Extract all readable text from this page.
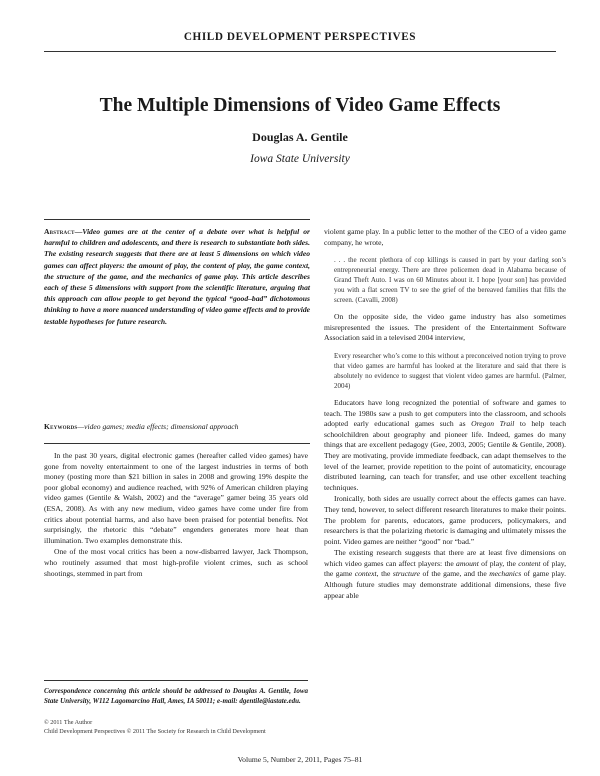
CHILD DEVELOPMENT PERSPECTIVES
The Multiple Dimensions of Video Game Effects
Douglas A. Gentile
Iowa State University
Abstract—Video games are at the center of a debate over what is helpful or harmful to children and adolescents, and there is research to substantiate both sides. The existing research suggests that there are at least 5 dimensions on which video games can affect players: the amount of play, the content of play, the game context, the structure of the game, and the mechanics of game play. This article describes each of these 5 dimensions with support from the scientific literature, arguing that this approach can allow people to get beyond the typical “good–bad” dichotomous thinking to have a more nuanced understanding of video game effects and to provide testable hypotheses for future research.
Keywords—video games; media effects; dimensional approach

In the past 30 years, digital electronic games (hereafter called video games) have gone from novelty entertainment to one of the largest industries in terms of both money (posting more than $21 billion in sales in 2008 and growing 19% despite the poor global economy) and audience reached, with 92% of American children playing video games (Gentile & Walsh, 2002) and the “average” gamer being 35 years old (ESA, 2008). As with any new medium, video games have come under fire from critics about potential harms, and also have been praised for potential benefits. Not surprisingly, the rhetoric this “debate” engenders generates more heat than illumination. Two examples demonstrate this.

One of the most vocal critics has been a now-disbarred lawyer, Jack Thompson, who routinely assumed that most high-profile violent crimes, such as school shootings, stemmed in part from

violent game play. In a public letter to the mother of the CEO of a video game company, he wrote,

. . . the recent plethora of cop killings is caused in part by your darling son’s entrepreneurial energy. There are three policemen dead in Alabama because of Grand Theft Auto. I was on 60 Minutes about it. I hope [your son] has provided you with a flat screen TV to see the grief of the bereaved families that fills the screen. (Cavalli, 2008)

On the opposite side, the video game industry has also sometimes misrepresented the issues. The president of the Entertainment Software Association said in a televised 2004 interview,

Every researcher who’s come to this without a preconceived notion trying to prove that video games are harmful has looked at the literature and said that there is absolutely no evidence to suggest that violent video games are harmful. (Palmer, 2004)

Educators have long recognized the potential of software and games to teach. The 1980s saw a push to get computers into the classroom, and schools adopted early educational games such as Oregon Trail to help teach schoolchildren about geography and pioneer life. Indeed, games do many things that are excellent pedagogy (Gee, 2003, 2005; Gentile & Gentile, 2008). They are motivating, provide immediate feedback, can adapt themselves to the level of the learner, provide repetition to the point of automaticity, encourage distributed learning, can teach for transfer, and use other excellent teaching techniques.

Ironically, both sides are usually correct about the effects games can have. They tend, however, to select different research literatures to make their points. The problem for parents, educators, game producers, policymakers, and researchers is that the polarizing rhetoric is damaging and ultimately misses the point. Video games are neither “good” nor “bad.”

The existing research suggests that there are at least five dimensions on which video games can affect players: the amount of play, the content of play, the game context, the structure of the game, and the mechanics of game play. Although future studies may demonstrate additional dimensions, these five appear able

Correspondence concerning this article should be addressed to Douglas A. Gentile, Iowa State University, W112 Lagomarcino Hall, Ames, IA 50011; e-mail: dgentile@iastate.edu.
© 2011 The Author
Child Development Perspectives © 2011 The Society for Research in Child Development
Volume 5, Number 2, 2011, Pages 75–81
